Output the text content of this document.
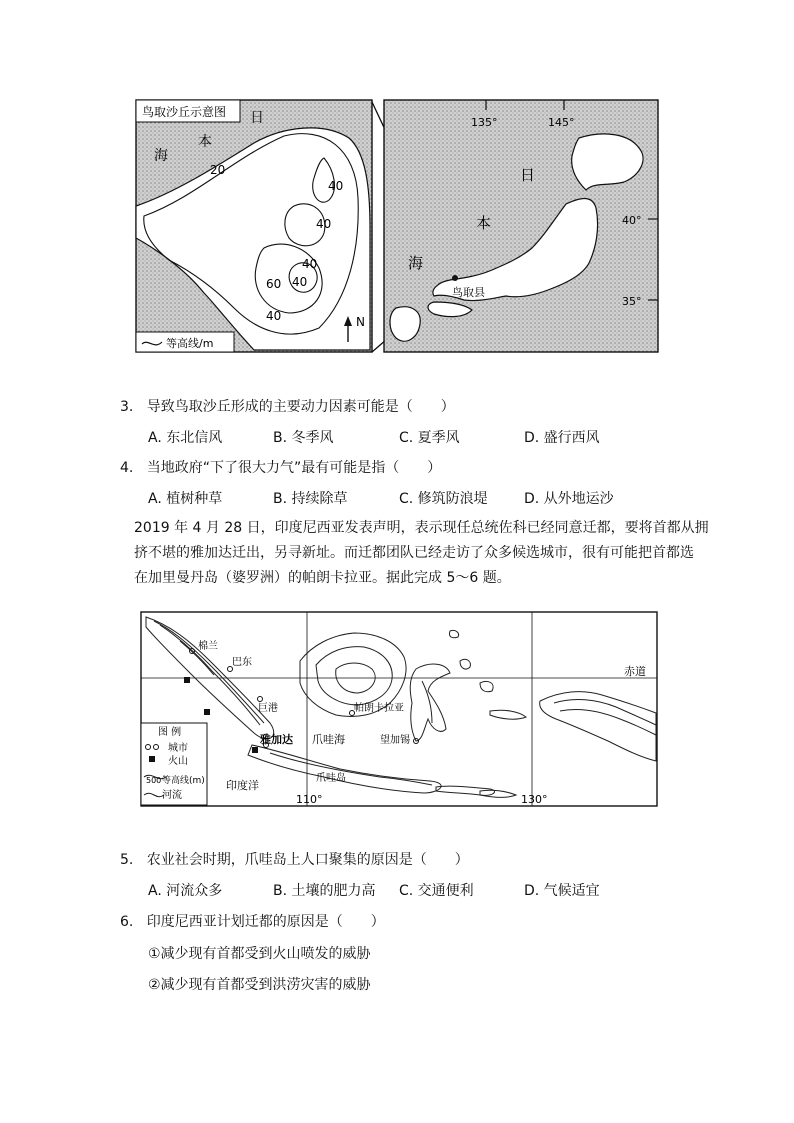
鸟取沙丘示意图 日
本
海
20
40
40
40
60 40
40
等高线/m
N
135°	145°
40°
35°
日
本
海
鸟取县
3. 导致鸟取沙丘形成的主要动力因素可能是（　　）
A. 东北信风	B. 冬季风	C. 夏季风	D. 盛行西风
4. 当地政府“下了很大力气”最有可能是指（　　）
A. 植树种草	B. 持续除草	C. 修筑防浪堤	D. 从外地运沙
2019 年 4 月 28 日，印度尼西亚发表声明，表示现任总统佐科已经同意迁都，要将首都从拥
挤不堪的雅加达迁出，另寻新址。而迁都团队已经走访了众多候选城市，很有可能把首都选
在加里曼丹岛（婆罗洲）的帕朗卡拉亚。据此完成 5～6 题。
棉兰
巴东
巨港	帕朗卡拉亚
雅加达 爪哇海	望加锡
印度洋
爪哇岛
赤道
110°	130°
图 例
城市
火山
500 等高线(m)
河流
5. 农业社会时期，爪哇岛上人口聚集的原因是（　　）
A. 河流众多	B. 土壤的肥力高 C. 交通便利	D. 气候适宜
6. 印度尼西亚计划迁都的原因是（　　）
①减少现有首都受到火山喷发的威胁
②减少现有首都受到洪涝灾害的威胁
